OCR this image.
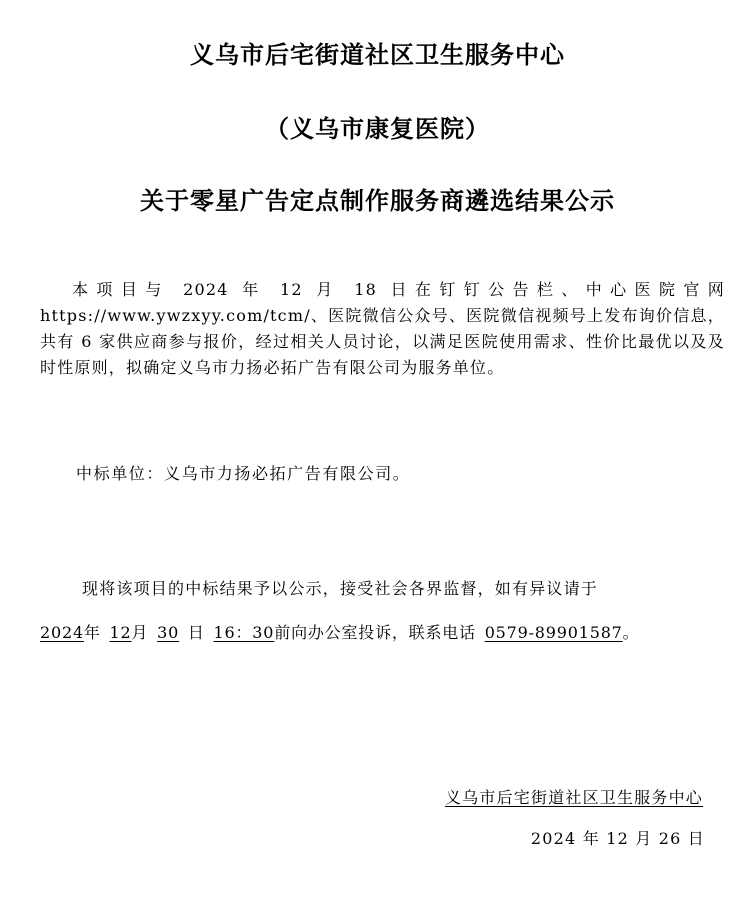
义乌市后宅街道社区卫生服务中心
（义乌市康复医院）
关于零星广告定点制作服务商遴选结果公示
本项目与 2024 年 12 月 18 日在钉钉公告栏、中心医院官网 https://www.ywzxyy.com/tcm/、医院微信公众号、医院微信视频号上发布询价信息，共有 6 家供应商参与报价，经过相关人员讨论，以满足医院使用需求、性价比最优以及及时性原则，拟确定义乌市力扬必拓广告有限公司为服务单位。
中标单位：义乌市力扬必拓广告有限公司。
现将该项目的中标结果予以公示，接受社会各界监督，如有异议请于
2024年  12月  30  日  16：30前向办公室投诉，联系电话  0579-89901587。
义乌市后宅街道社区卫生服务中心
2024 年 12 月 26 日
